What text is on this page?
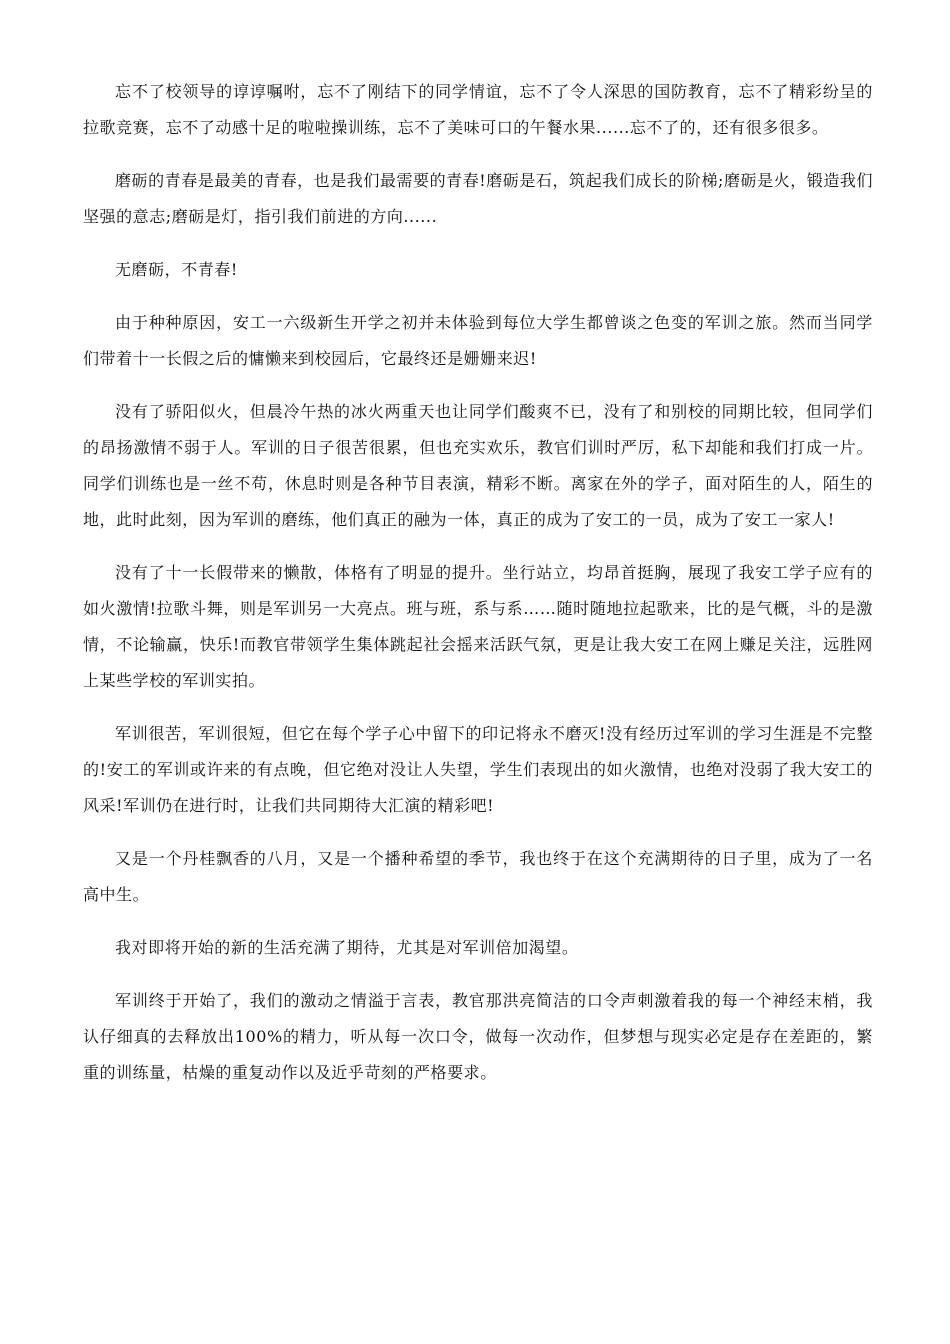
忘不了校领导的谆谆嘱咐，忘不了刚结下的同学情谊，忘不了令人深思的国防教育，忘不了精彩纷呈的拉歌竞赛，忘不了动感十足的啦啦操训练，忘不了美味可口的午餐水果......忘不了的，还有很多很多。

磨砺的青春是最美的青春，也是我们最需要的青春!磨砺是石，筑起我们成长的阶梯;磨砺是火，锻造我们坚强的意志;磨砺是灯，指引我们前进的方向......

无磨砺，不青春!

由于种种原因，安工一六级新生开学之初并未体验到每位大学生都曾谈之色变的军训之旅。然而当同学们带着十一长假之后的慵懒来到校园后，它最终还是姗姗来迟!

没有了骄阳似火，但晨冷午热的冰火两重天也让同学们酸爽不已，没有了和别校的同期比较，但同学们的昂扬激情不弱于人。军训的日子很苦很累，但也充实欢乐，教官们训时严厉，私下却能和我们打成一片。同学们训练也是一丝不苟，休息时则是各种节目表演，精彩不断。离家在外的学子，面对陌生的人，陌生的地，此时此刻，因为军训的磨练，他们真正的融为一体，真正的成为了安工的一员，成为了安工一家人!

没有了十一长假带来的懒散，体格有了明显的提升。坐行站立，均昂首挺胸，展现了我安工学子应有的如火激情!拉歌斗舞，则是军训另一大亮点。班与班，系与系……随时随地拉起歌来，比的是气概，斗的是激情，不论输赢，快乐!而教官带领学生集体跳起社会摇来活跃气氛，更是让我大安工在网上赚足关注，远胜网上某些学校的军训实拍。

军训很苦，军训很短，但它在每个学子心中留下的印记将永不磨灭!没有经历过军训的学习生涯是不完整的!安工的军训或许来的有点晚，但它绝对没让人失望，学生们表现出的如火激情，也绝对没弱了我大安工的风采!军训仍在进行时，让我们共同期待大汇演的精彩吧!

又是一个丹桂飘香的八月，又是一个播种希望的季节，我也终于在这个充满期待的日子里，成为了一名高中生。

我对即将开始的新的生活充满了期待，尤其是对军训倍加渴望。

军训终于开始了，我们的激动之情溢于言表，教官那洪亮简洁的口令声刺激着我的每一个神经末梢，我认仔细真的去释放出100%的精力，听从每一次口令，做每一次动作，但梦想与现实必定是存在差距的，繁重的训练量，枯燥的重复动作以及近乎苛刻的严格要求。
